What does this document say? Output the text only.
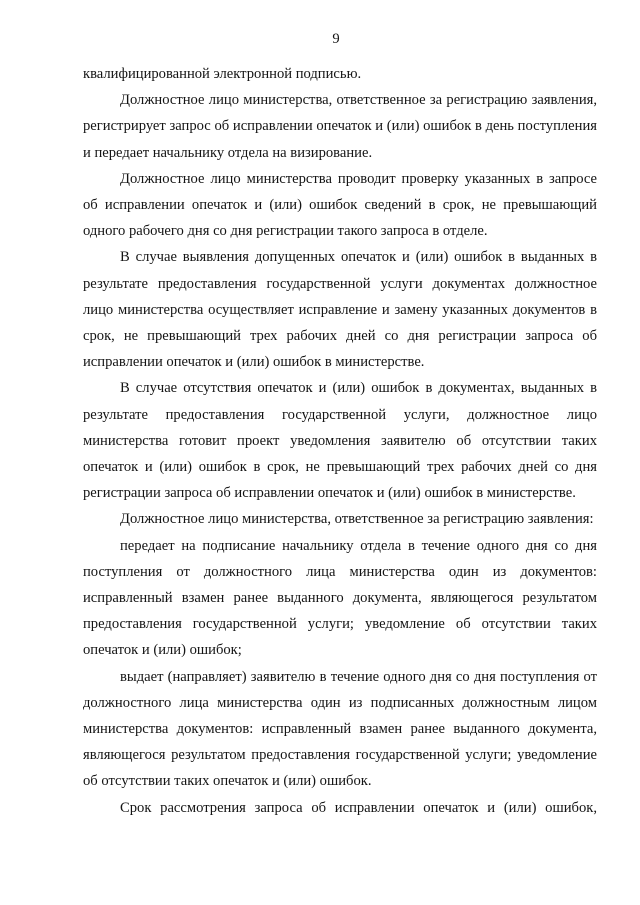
9

квалифицированной электронной подписью.

Должностное лицо министерства, ответственное за регистрацию заявления, регистрирует запрос об исправлении опечаток и (или) ошибок в день поступления и передает начальнику отдела на визирование.

Должностное лицо министерства проводит проверку указанных в запросе об исправлении опечаток и (или) ошибок сведений в срок, не превышающий одного рабочего дня со дня регистрации такого запроса в отделе.

В случае выявления допущенных опечаток и (или) ошибок в выданных в результате предоставления государственной услуги документах должностное лицо министерства осуществляет исправление и замену указанных документов в срок, не превышающий трех рабочих дней со дня регистрации запроса об исправлении опечаток и (или) ошибок в министерстве.

В случае отсутствия опечаток и (или) ошибок в документах, выданных в результате предоставления государственной услуги, должностное лицо министерства готовит проект уведомления заявителю об отсутствии таких опечаток и (или) ошибок в срок, не превышающий трех рабочих дней со дня регистрации запроса об исправлении опечаток и (или) ошибок в министерстве.

Должностное лицо министерства, ответственное за регистрацию заявления:

передает на подписание начальнику отдела в течение одного дня со дня поступления от должностного лица министерства один из документов: исправленный взамен ранее выданного документа, являющегося результатом предоставления государственной услуги; уведомление об отсутствии таких опечаток и (или) ошибок;

выдает (направляет) заявителю в течение одного дня со дня поступления от должностного лица министерства один из подписанных должностным лицом министерства документов: исправленный взамен ранее выданного документа, являющегося результатом предоставления государственной услуги; уведомление об отсутствии таких опечаток и (или) ошибок.

Срок рассмотрения запроса об исправлении опечаток и (или) ошибок,
